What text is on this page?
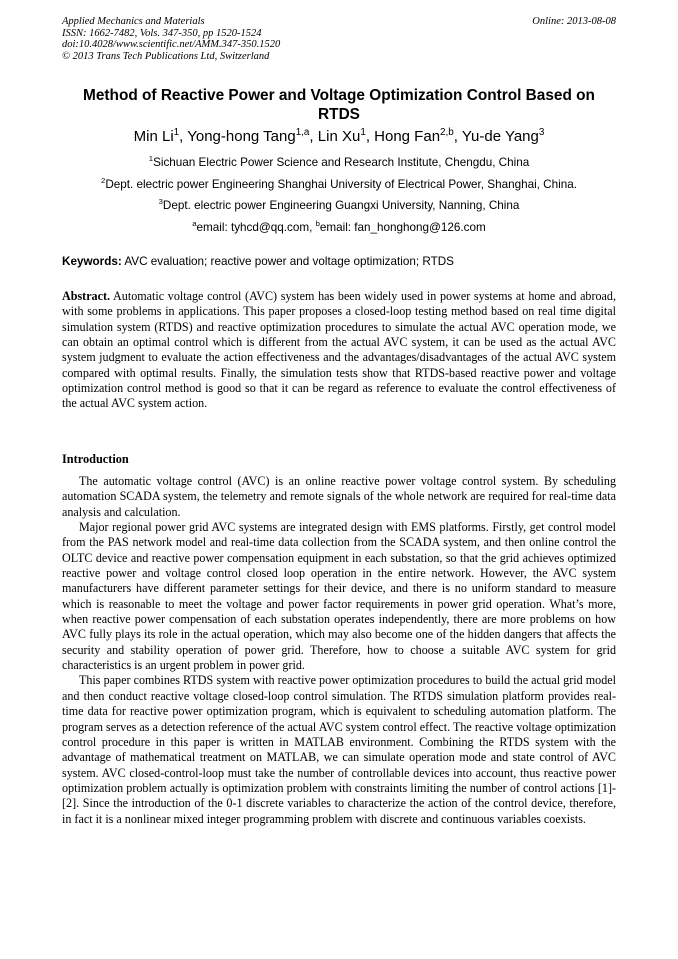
Applied Mechanics and Materials
ISSN: 1662-7482, Vols. 347-350, pp 1520-1524
doi:10.4028/www.scientific.net/AMM.347-350.1520
© 2013 Trans Tech Publications Ltd, Switzerland
Online: 2013-08-08
Method of Reactive Power and Voltage Optimization Control Based on RTDS
Min Li$^1$, Yong-hong Tang$^{1,a}$, Lin Xu$^1$, Hong Fan$^{2,b}$, Yu-de Yang$^3$
$^1$Sichuan Electric Power Science and Research Institute, Chengdu, China
$^2$Dept. electric power Engineering Shanghai University of Electrical Power, Shanghai, China.
$^3$Dept. electric power Engineering Guangxi University, Nanning, China
$^a$email: tyhcd@qq.com, $^b$email: fan_honghong@126.com
Keywords: AVC evaluation; reactive power and voltage optimization; RTDS
Abstract. Automatic voltage control (AVC) system has been widely used in power systems at home and abroad, with some problems in applications. This paper proposes a closed-loop testing method based on real time digital simulation system (RTDS) and reactive optimization procedures to simulate the actual AVC operation mode, we can obtain an optimal control which is different from the actual AVC system, it can be used as the actual AVC system judgment to evaluate the action effectiveness and the advantages/disadvantages of the actual AVC system compared with optimal results. Finally, the simulation tests show that RTDS-based reactive power and voltage optimization control method is good so that it can be regard as reference to evaluate the control effectiveness of the actual AVC system action.
Introduction

The automatic voltage control (AVC) is an online reactive power voltage control system. By scheduling automation SCADA system, the telemetry and remote signals of the whole network are required for real-time data analysis and calculation.

Major regional power grid AVC systems are integrated design with EMS platforms. Firstly, get control model from the PAS network model and real-time data collection from the SCADA system, and then online control the OLTC device and reactive power compensation equipment in each substation, so that the grid achieves optimized reactive power and voltage control closed loop operation in the entire network. However, the AVC system manufacturers have different parameter settings for their device, and there is no uniform standard to measure which is reasonable to meet the voltage and power factor requirements in power grid operation. What’s more, when reactive power compensation of each substation operates independently, there are more problems on how AVC fully plays its role in the actual operation, which may also become one of the hidden dangers that affects the security and stability operation of power grid. Therefore, how to choose a suitable AVC system for grid characteristics is an urgent problem in power grid.

This paper combines RTDS system with reactive power optimization procedures to build the actual grid model and then conduct reactive voltage closed-loop control simulation. The RTDS simulation platform provides real-time data for reactive power optimization program, which is equivalent to scheduling automation platform. The program serves as a detection reference of the actual AVC system control effect. The reactive voltage optimization control procedure in this paper is written in MATLAB environment. Combining the RTDS system with the advantage of mathematical treatment on MATLAB, we can simulate operation mode and state control of AVC system. AVC closed-control-loop must take the number of controllable devices into account, thus reactive power optimization problem actually is optimization problem with constraints limiting the number of control actions [1]-[2]. Since the introduction of the 0-1 discrete variables to characterize the action of the control device, therefore, in fact it is a nonlinear mixed integer programming problem with discrete and continuous variables coexists.
